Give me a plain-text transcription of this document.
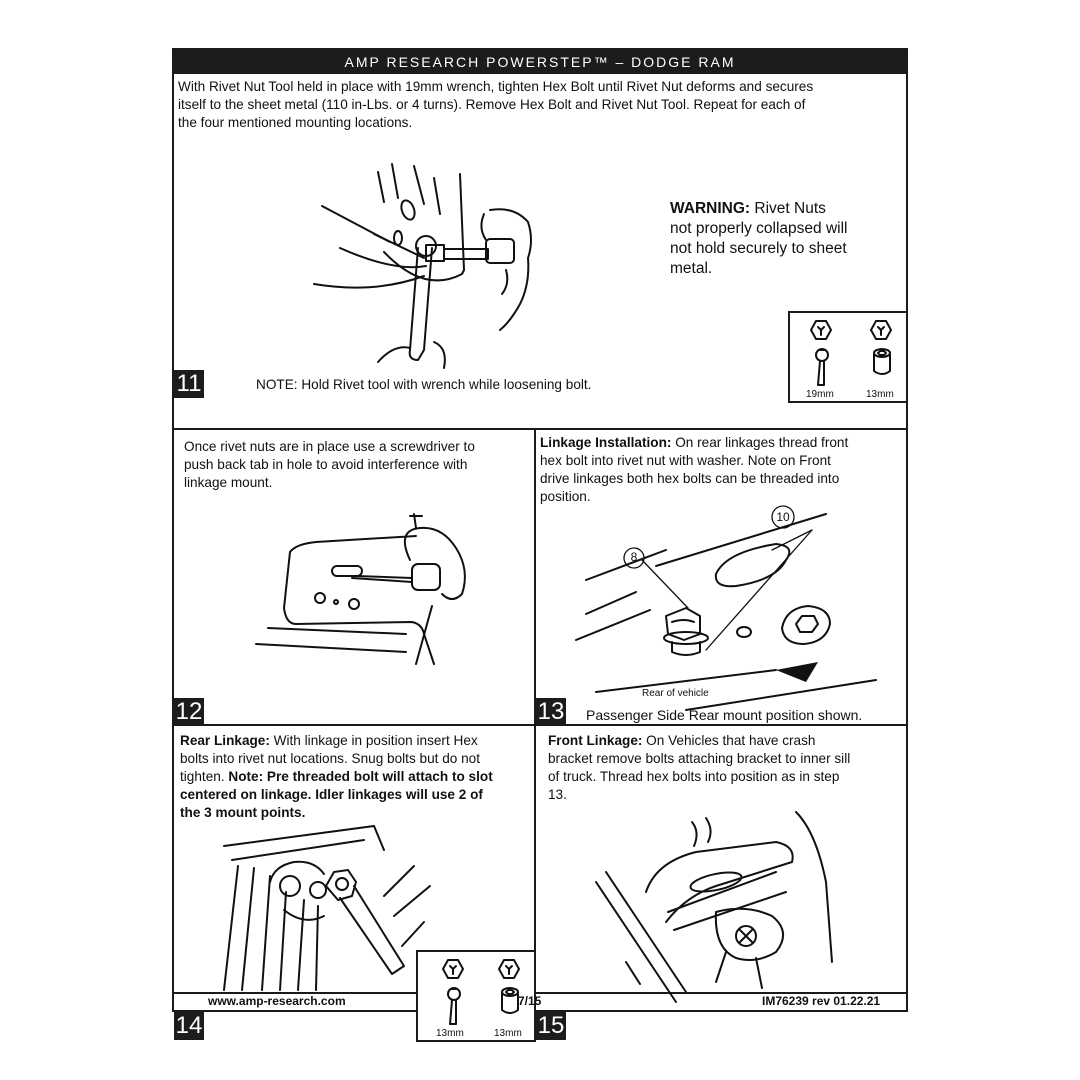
AMP RESEARCH POWERSTEP™ – DODGE RAM
With Rivet Nut Tool held in place with 19mm wrench, tighten Hex Bolt until Rivet Nut deforms and secures
itself to the sheet metal (110 in-Lbs. or 4 turns). Remove Hex Bolt and Rivet Nut Tool. Repeat for each of
the four mentioned mounting locations.
WARNING: Rivet Nuts
not properly collapsed will
not hold securely to sheet
metal.
11	NOTE: Hold Rivet tool with wrench while loosening bolt.
19mm	13mm
Once rivet nuts are in place use a screwdriver to
push back tab in hole to avoid interference with
linkage mount.
12
Linkage Installation: On rear linkages thread front
hex bolt into rivet nut with washer. Note on Front
drive linkages both hex bolts can be threaded into
position.
8
10
Rear of vehicle
13 Passenger Side Rear mount position shown.
Rear Linkage: With linkage in position insert Hex
bolts into rivet nut locations. Snug bolts but do not
tighten. Note: Pre threaded bolt will attach to slot
centered on linkage. Idler linkages will use 2 of
the 3 mount points.
13mm	13mm
14
Front Linkage: On Vehicles that have crash
bracket remove bolts attaching bracket to inner sill
of truck. Thread hex bolts into position as in step
13.
15
www.amp-research.com	7/15	IM76239 rev 01.22.21
